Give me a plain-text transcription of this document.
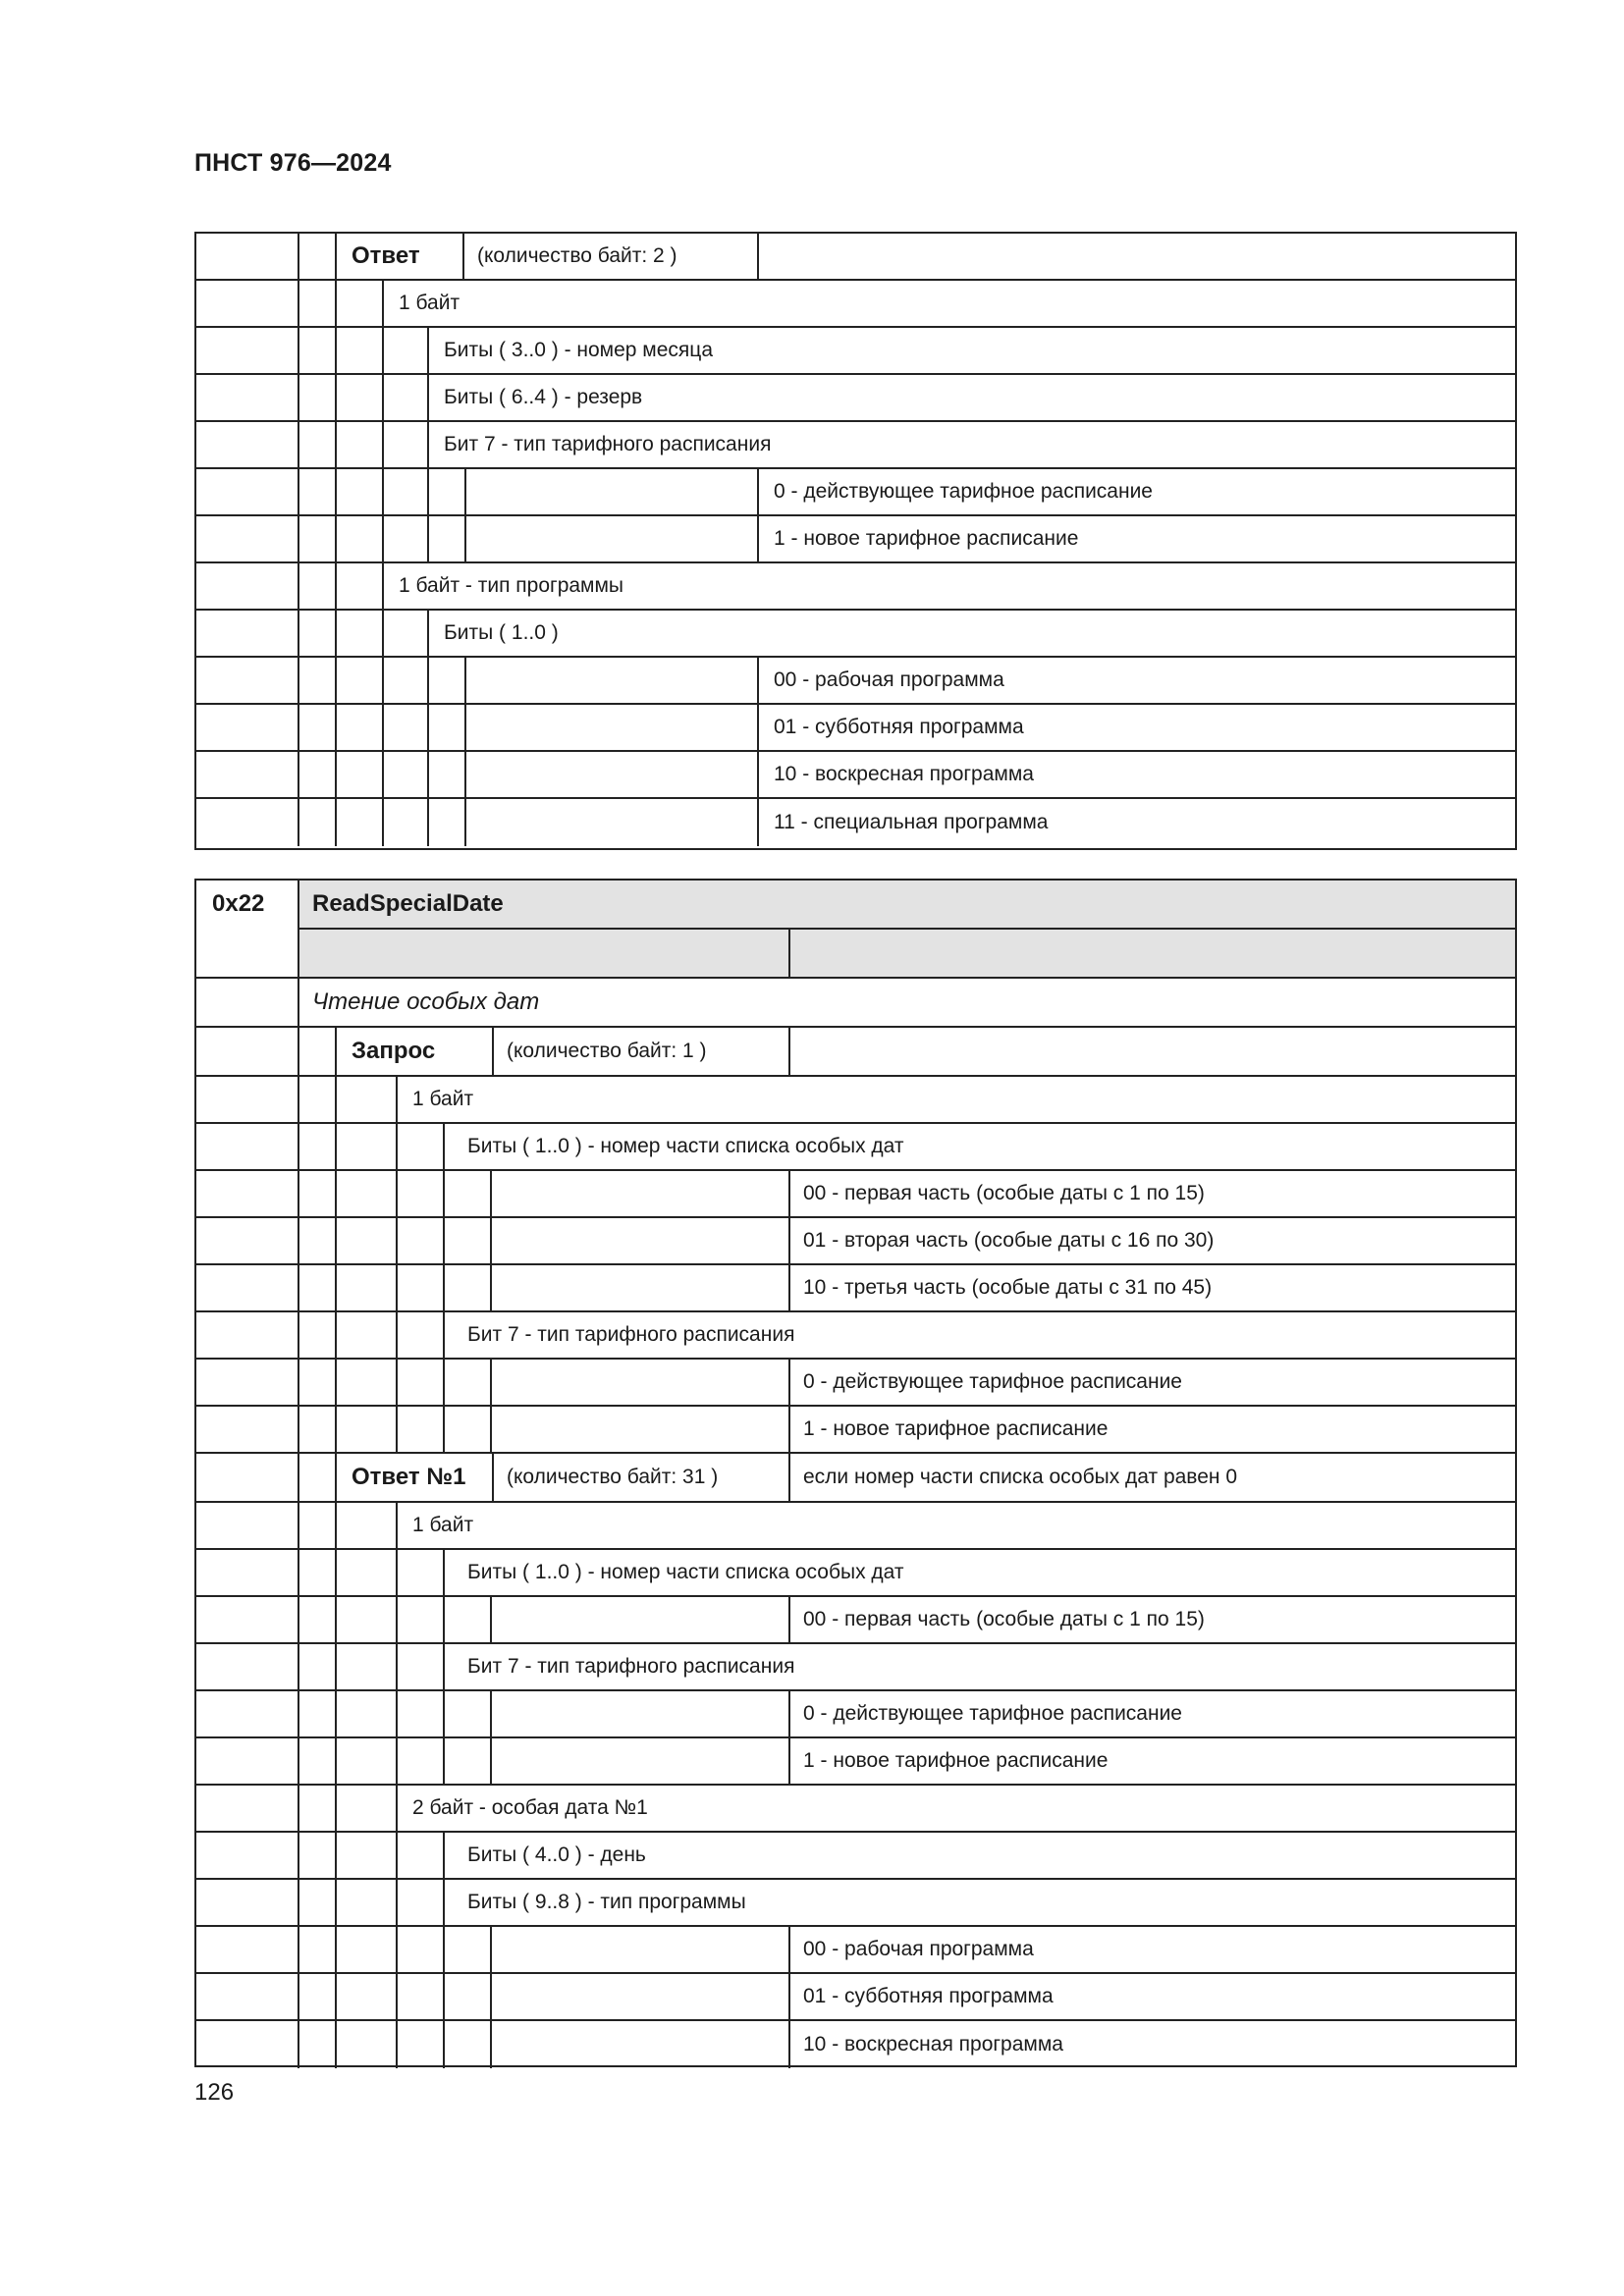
ПНСТ 976—2024
Ответ	(количество байт: 2 )
1 байт
Биты ( 3..0 ) - номер месяца
Биты ( 6..4 ) - резерв
Бит 7 - тип тарифного расписания
0 - действующее тарифное расписание
1 - новое тарифное расписание
1 байт - тип программы
Биты ( 1..0 )
00 - рабочая программа
01 - субботняя программа
10 - воскресная программа
11 - специальная программа
0x22	ReadSpecialDate
Чтение особых дат
Запрос	(количество байт: 1 )
1 байт
Биты ( 1..0 ) - номер части списка особых дат
00 - первая часть (особые даты с 1 по 15)
01 - вторая часть (особые даты с 16 по 30)
10 - третья часть (особые даты с 31 по 45)
Бит 7 - тип тарифного расписания
0 - действующее тарифное расписание
1 - новое тарифное расписание
Ответ №1 (количество байт: 31 )	если номер части списка особых дат равен 0
1 байт
Биты ( 1..0 ) - номер части списка особых дат
00 - первая часть (особые даты с 1 по 15)
Бит 7 - тип тарифного расписания
0 - действующее тарифное расписание
1 - новое тарифное расписание
2 байт - особая дата №1
Биты ( 4..0 ) - день
Биты ( 9..8 ) - тип программы
00 - рабочая программа
01 - субботняя программа
10 - воскресная программа
126
